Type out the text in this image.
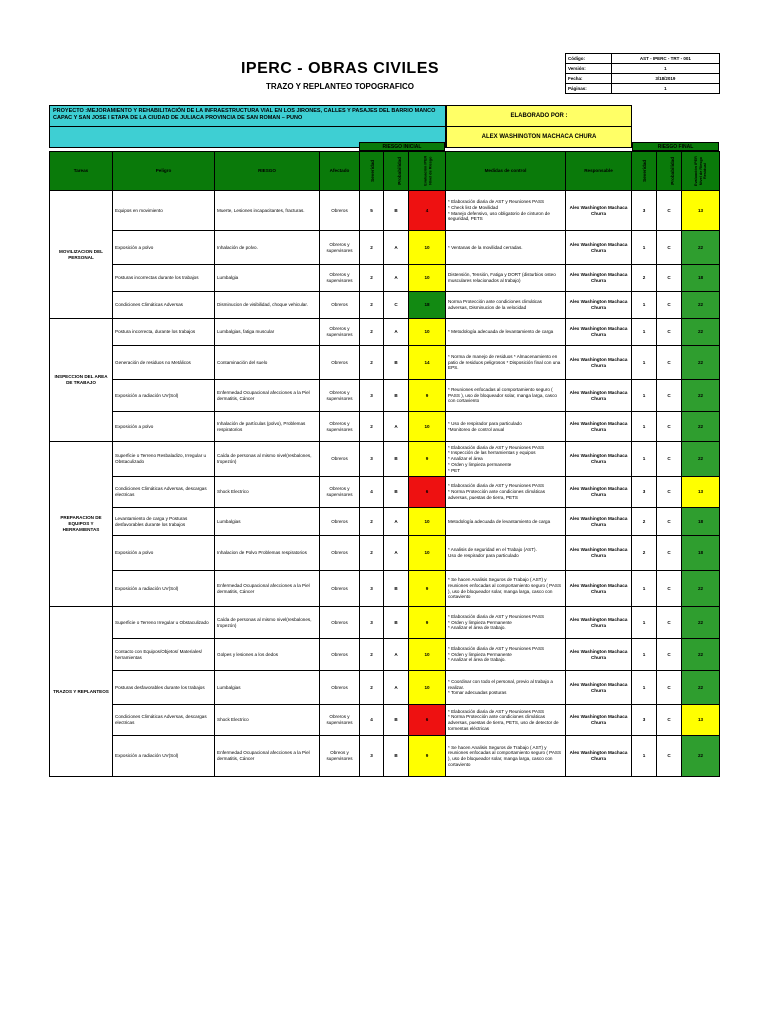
IPERC - OBRAS CIVILES
TRAZO Y REPLANTEO TOPOGRAFICO
Código:	AST - IPERC - TRT - 001
Versión:	1
Fecha:	3/18/2019
Páginas:	1
PROYECTO :MEJORAMIENTO Y REHABILITACIÓN DE LA INFRAESTRUCTURA VIAL EN LOS JIRONES, CALLES Y PASAJES DEL BARRIO MANCO CAPAC Y SAN JOSE I ETAPA DE LA CIUDAD DE JULIACA PROVINCIA DE SAN ROMAN – PUNO	ELABORADO POR :
ALEX WASHINGTON MACHACA CHURA
RIESGO INICIAL	RIESGO FINAL
Tareas	Peligro	RIESGO	Afectado	Severidad	Probabilidad	Evaluación IPER Nivel de Riesgo	Medidas de control	Responsable	Severidad	Probabilidad	Evaluación IPER Nivel de Riesgo Residual
MOVILIZACION DEL PERSONAL	Equipos en movimiento	Muerte, Lesiones incapacitantes, fracturas.	Obreros	5	B	4	* Elaboración diaria de AST y Reuniones PASS
* Check list de Movilidad
* Manejo defensivo, uso obligatorio de cinturon de seguridad, PETS	Alex Washington Machaca Churra	3	C	13
	Exposición a polvo	Inhalación de polvo.	Obreros y supervisores	2	A	10	* Ventanas de la movilidad cerradas.	Alex Washington Machaca Churra	1	C	22
	Posturas incorrectas durante los trabajos	Lumbalgia	Obreros y supervisores	2	A	10	Distensión, Tensión, Fatiga y DORT (disturbios osteo musculares relacionados al trabajo)	Alex Washington Machaca Churra	2	C	18
	Condiciones Climáticas Adversas	Disminucion de visibilidad, choque vehicular.	Obreros	2	C	18	Norma Protección ante condiciones climáticas adversas, Disminucion de la velocidad	Alex Washington Machaca Churra	1	C	22
INSPECCION DEL AREA DE TRABAJO	Postura incorrecta, durante los trabajos	Lumbalgias, fatiga muscular	Obreros y supervisores	2	A	10	* Metodología adecuada de levantamiento de carga	Alex Washington Machaca Churra	1	C	22
	Generación de residuos no Metálicos	Contaminación del suelo	Obreros	2	B	14	* Norma de manejo de residuos * Almacenamiento en patio de residuos peligrosos * Disposición final con una EPS.	Alex Washington Machaca Churra	1	C	22
	Exposición a radiación UV(Sol)	Enfermedad Ocupacional afecciones a la Piel dermatitis, Cáncer	Obreros y supervisores	3	B	9	* Reuniones enfocadas al comportamiento seguro ( PASS ), uso de bloqueador solar, manga larga, casco con cortaviento	Alex Washington Machaca Churra	1	C	22
	Exposición a polvo	Inhalación de partículas (polvo), Problemas respiratorios	Obreros y supervisores	2	A	10	* Uso de respirador para particulado
*Monitoreo de control anual	Alex Washington Machaca Churra	1	C	22
PREPARACION DE EQUIPOS Y HERRAMIENTAS	Superficie o Terreno Resbaladizo, Irregular u Obstaculizado	Caída de personas al mismo nivel(resbalones, tropezón)	Obreros	3	B	9	* Elaboración diaria de AST y Reuniones PASS
* Inspección de las herramientas y equipos
* Analizar el área
* Orden y limpieza permanente
* PET	Alex Washington Machaca Churra	1	C	22
	Condiciones Climáticas Adversas, descargas electricas	Shock Electrico	Obreros y supervisores	4	B	6	* Elaboración diaria de AST y Reuniones PASS
* Norma Protección ante condiciones climáticas adversas, puestas de tierra, PETS	Alex Washington Machaca Churra	3	C	13
	Levantamiento de carga y Posturas desfavorables durante los trabajos	Lumbalgias	Obreros	2	A	10	Metodología adecuada de levantamiento de carga	Alex Washington Machaca Churra	2	C	18
	Exposición a polvo	Inhalacion de Polvo Problemas respiratorios	Obreros	2	A	10	* Analisis de seguridad en el Trabajo (AST).
Uso de respirador para particulado	Alex Washington Machaca Churra	2	C	18
	Exposición a radiación UV(Sol)	Enfermedad Ocupacional afecciones a la Piel dermatitis, Cáncer	Obreros	3	B	9	* Se hacen Analisis Seguros de Trabajo ( AST) y reuniones enfocadas al comportamiento seguro ( PASS ), uso de bloqueador solar, manga larga, casco con cortaviento	Alex Washington Machaca Churra	1	C	22
TRAZOS Y REPLANTEOS	Superficie o Terreno Irregular u Obstaculizado	Caída de personas al mismo nivel(resbalones, tropezón)	Obreros	3	B	9	* Elaboración diaria de AST y Reuniones PASS
* Orden y limpieza Permanente
* Analizar el área de trabajo.	Alex Washington Machaca Churra	1	C	22
	Contacto con Equipos/Objetos/ Materiales/ herramientas	Golpes y lesiones a los dedos	Obreros	2	A	10	* Elaboración diaria de AST y Reuniones PASS
* Orden y limpieza Permanente
* Analizar el área de trabajo.	Alex Washington Machaca Churra	1	C	22
	Posturas desfavorables durante los trabajos	Lumbalgias	Obreros	2	A	10	* Coordinar con todo el personal, previo al trabajo a realizar.
* Tomar adecuadas posturas	Alex Washington Machaca Churra	1	C	22
	Condiciones Climáticas Adversas, descargas electricas	Shock Electrico	Obreros y supervisores	4	B	6	* Elaboración diaria de AST y Reuniones PASS
* Norma Protección ante condiciones climáticas adversas, puestas de tierra, PETS, uso de detector de tormentas eléctricas	Alex Washington Machaca Churra	3	C	13
	Exposición a radiación UV(Sol)	Enfermedad Ocupacional afecciones a la Piel dermatitis, Cáncer	Obreos y supervisores	3	B	9	* Se hacen Analisis Seguros de Trabajo ( AST) y reuniones enfocadas al comportamiento seguro ( PASS ), uso de bloqueador solar, manga larga, casco con cortaviento	Alex Washington Machaca Churra	1	C	22
